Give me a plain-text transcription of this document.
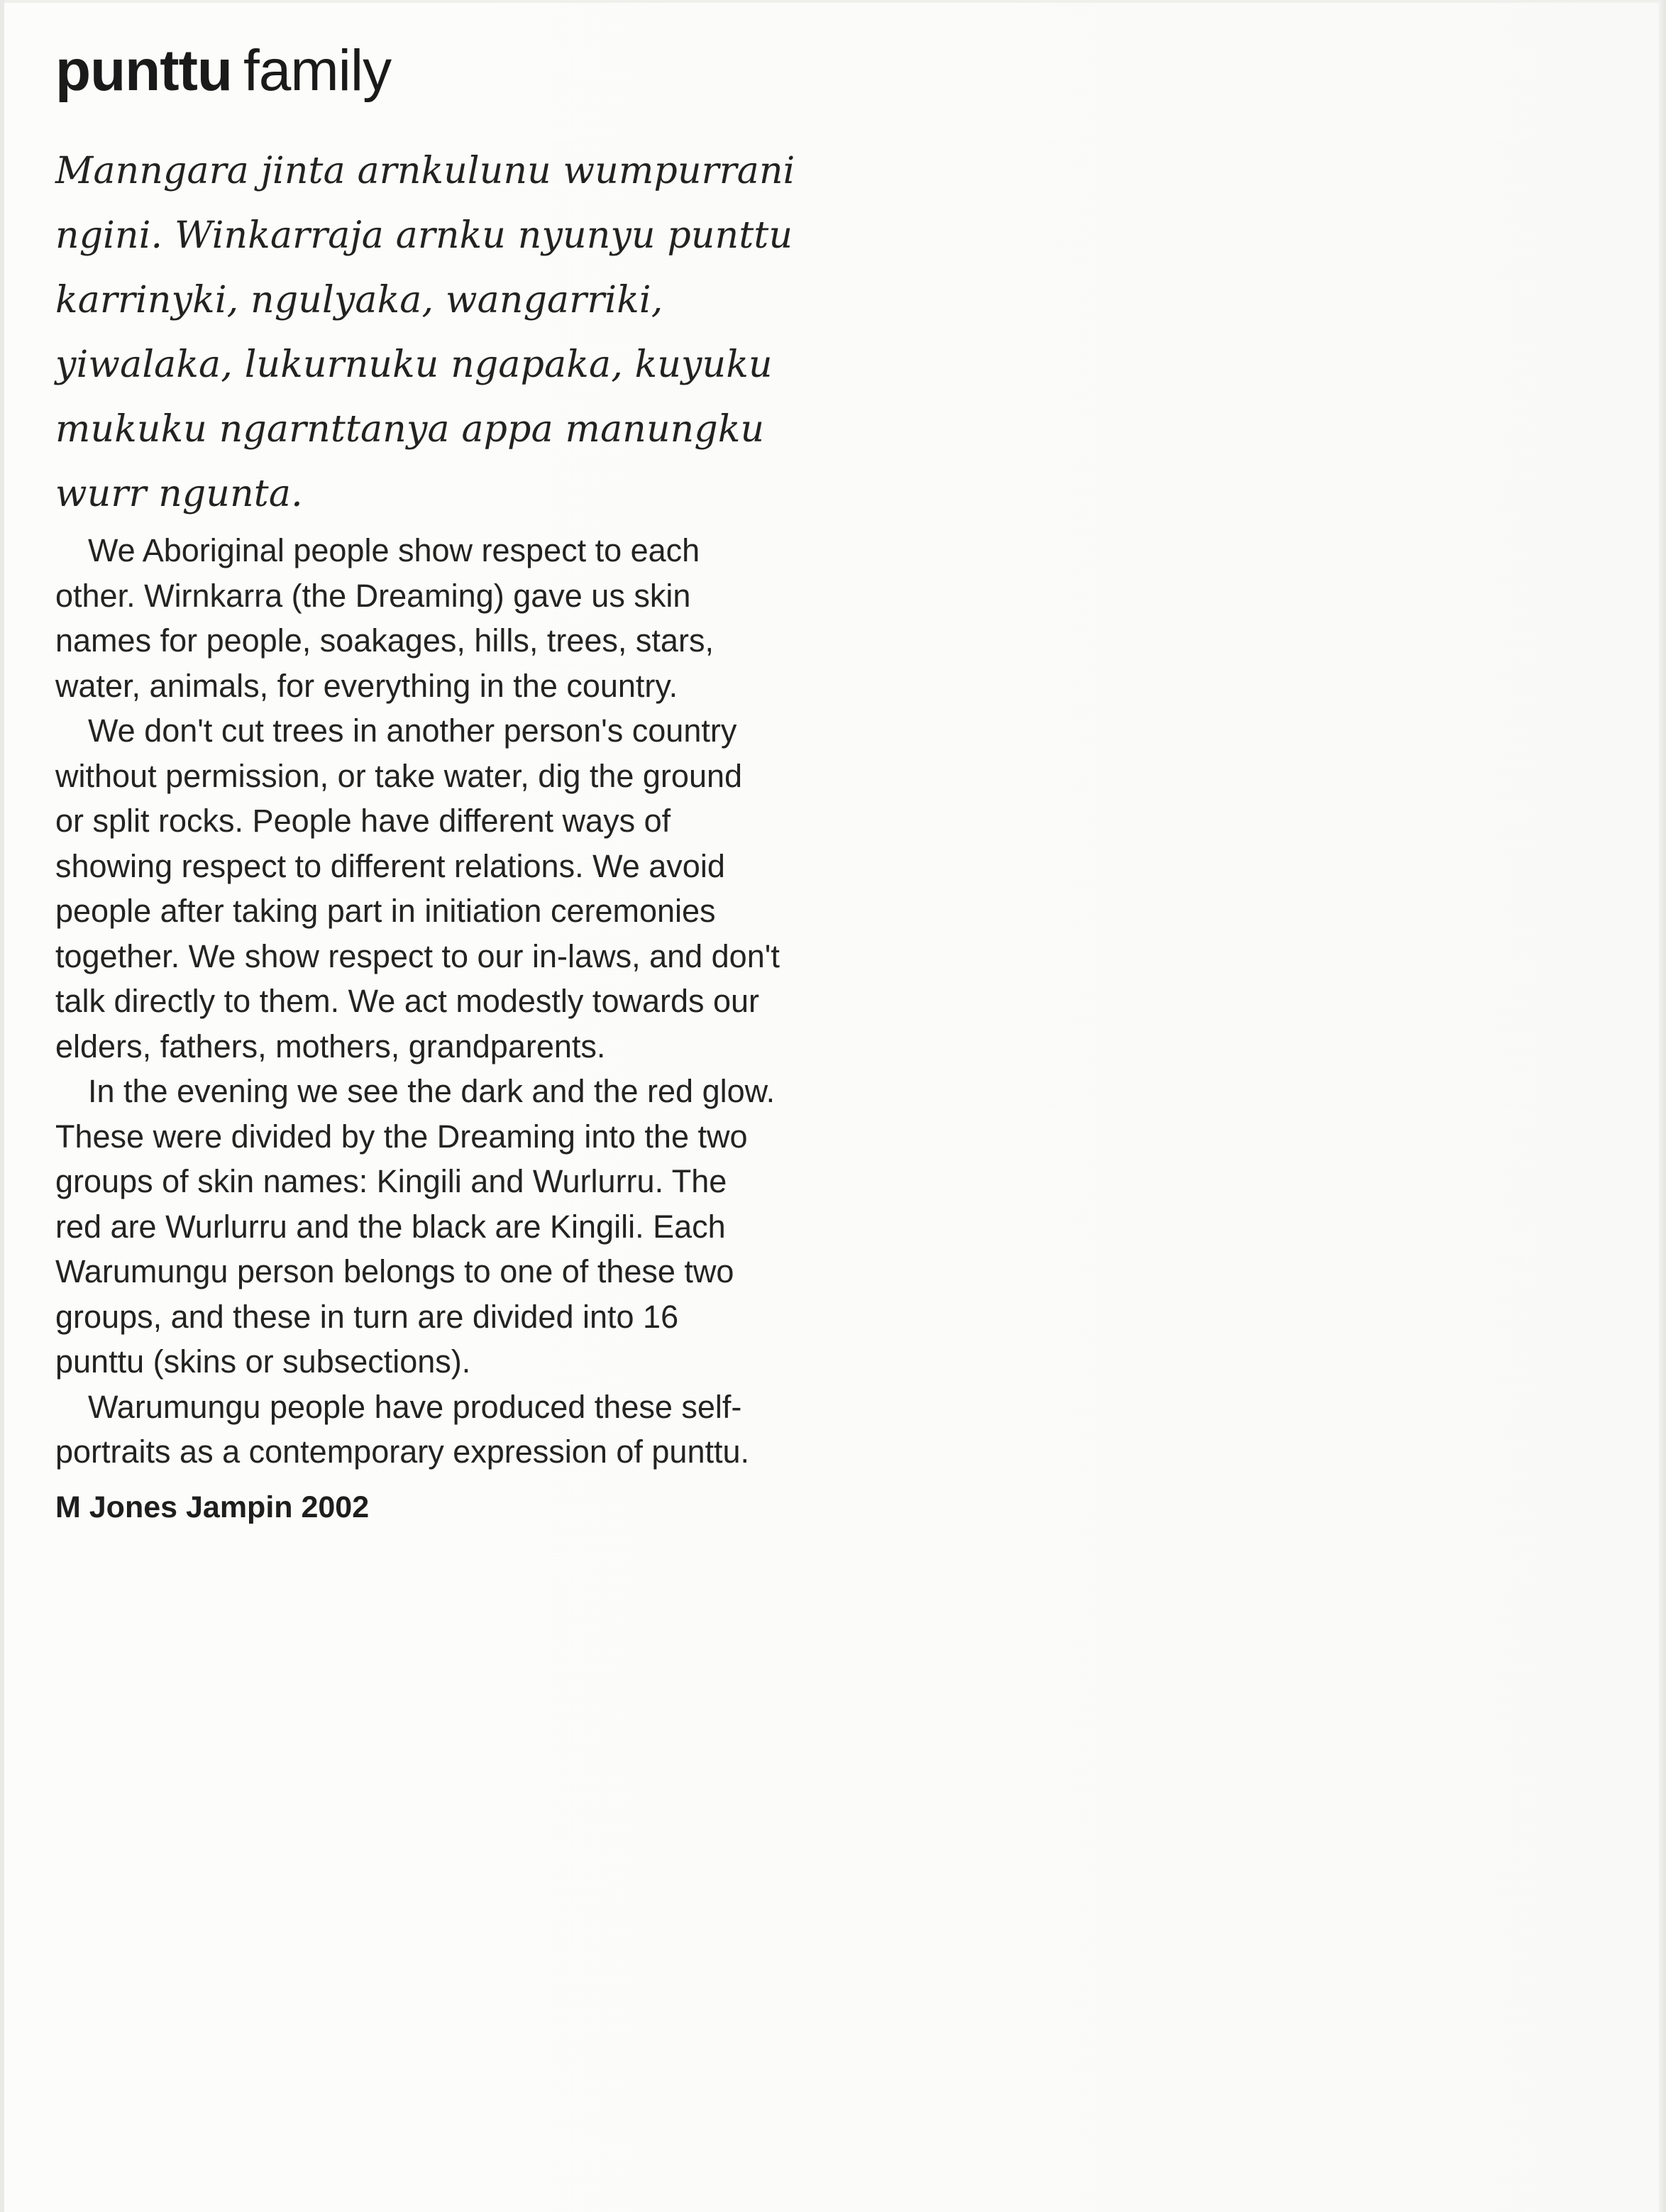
punttu family
Manngara jinta arnkulunu wumpurrani
ngini. Winkarraja arnku nyunyu punttu
karrinyki, ngulyaka, wangarriki,
yiwalaka, lukurnuku ngapaka, kuyuku
mukuku ngarnttanya appa manungku
wurr ngunta.

We Aboriginal people show respect to each
other. Wirnkarra (the Dreaming) gave us skin
names for people, soakages, hills, trees, stars,
water, animals, for everything in the country.

We don't cut trees in another person's country
without permission, or take water, dig the ground
or split rocks. People have different ways of
showing respect to different relations. We avoid
people after taking part in initiation ceremonies
together. We show respect to our in-laws, and don't
talk directly to them. We act modestly towards our
elders, fathers, mothers, grandparents.

In the evening we see the dark and the red glow.
These were divided by the Dreaming into the two
groups of skin names: Kingili and Wurlurru. The
red are Wurlurru and the black are Kingili. Each
Warumungu person belongs to one of these two
groups, and these in turn are divided into 16
punttu (skins or subsections).

Warumungu people have produced these self-
portraits as a contemporary expression of punttu.

M Jones Jampin 2002
